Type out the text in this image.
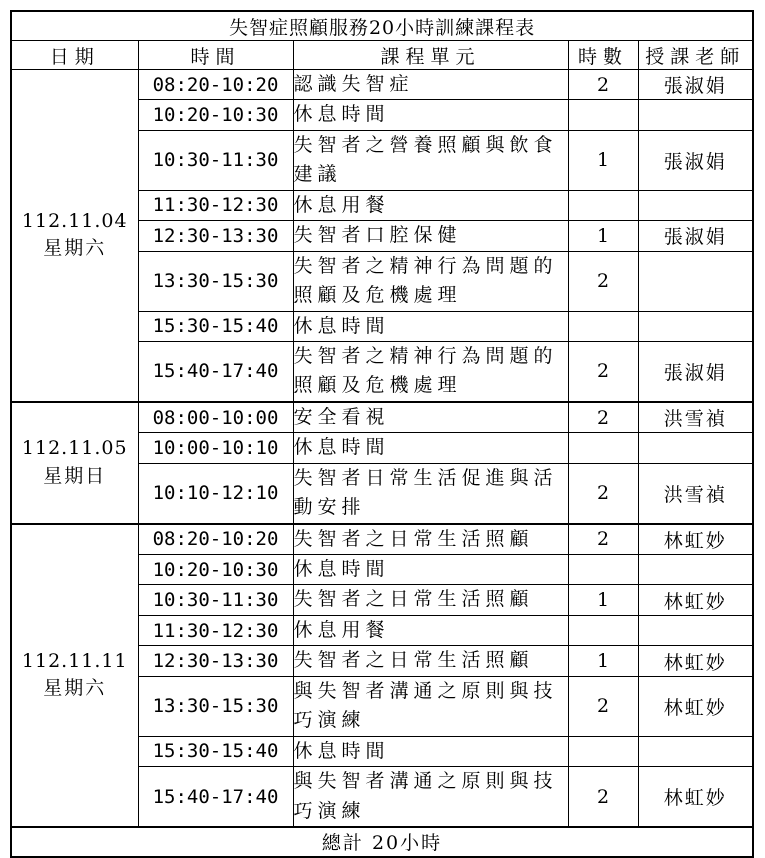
失智症照顧服務20小時訓練課程表				
日期	時間	課程單元	時數	授課老師

112.11.04
星期六	08:20-10:20	認識失智症	2	張淑娟
	10:20-10:30	休息時間		
	10:30-11:30	失智者之營養照顧與飲食建議	1	張淑娟
	11:30-12:30	休息用餐		
	12:30-13:30	失智者口腔保健	1	張淑娟
	13:30-15:30	失智者之精神行為問題的照顧及危機處理	2	
	15:30-15:40	休息時間		
	15:40-17:40	失智者之精神行為問題的照顧及危機處理	2	張淑娟

112.11.05
星期日	08:00-10:00	安全看視	2	洪雪禎
	10:00-10:10	休息時間		
	10:10-12:10	失智者日常生活促進與活動安排	2	洪雪禎

112.11.11
星期六	08:20-10:20	失智者之日常生活照顧	2	林虹妙
	10:20-10:30	休息時間		
	10:30-11:30	失智者之日常生活照顧	1	林虹妙
	11:30-12:30	休息用餐		
	12:30-13:30	失智者之日常生活照顧	1	林虹妙
	13:30-15:30	與失智者溝通之原則與技巧演練	2	林虹妙
	15:30-15:40	休息時間		
	15:40-17:40	與失智者溝通之原則與技巧演練	2	林虹妙
總計 20小時				
